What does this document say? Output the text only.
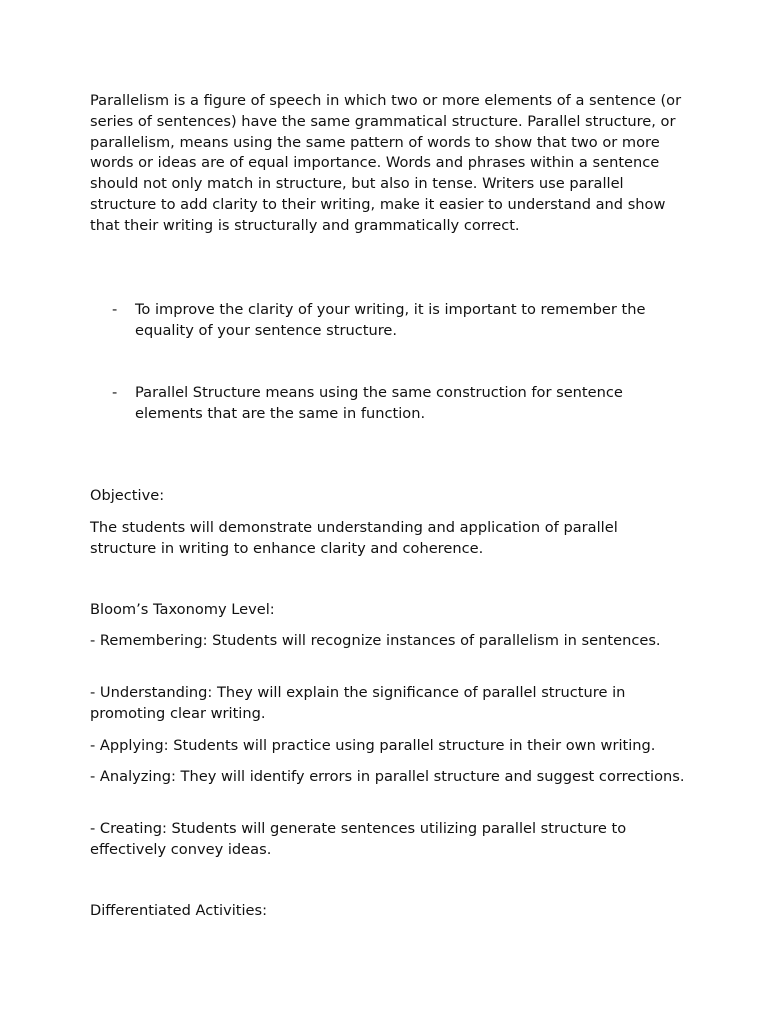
Parallelism is a figure of speech in which two or more elements of a sentence (or series of sentences) have the same grammatical structure. Parallel structure, or parallelism, means using the same pattern of words to show that two or more words or ideas are of equal importance. Words and phrases within a sentence should not only match in structure, but also in tense. Writers use parallel structure to add clarity to their writing, make it easier to understand and show that their writing is structurally and grammatically correct.

- To improve the clarity of your writing, it is important to remember the equality of your sentence structure.
- Parallel Structure means using the same construction for sentence elements that are the same in function.

Objective:

The students will demonstrate understanding and application of parallel structure in writing to enhance clarity and coherence.

Bloom’s Taxonomy Level:

- Remembering: Students will recognize instances of parallelism in sentences.

- Understanding: They will explain the significance of parallel structure in promoting clear writing.

- Applying: Students will practice using parallel structure in their own writing.

- Analyzing: They will identify errors in parallel structure and suggest corrections.

- Creating: Students will generate sentences utilizing parallel structure to effectively convey ideas.

Differentiated Activities:
